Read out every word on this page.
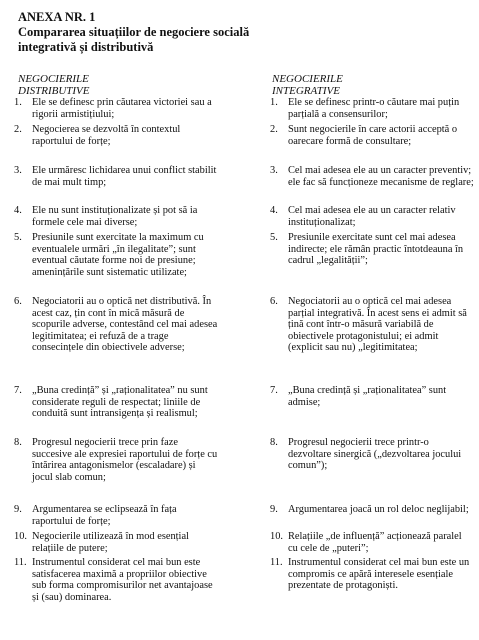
ANEXA NR. 1
Compararea situațiilor de negociere socială
integrativă și distributivă
NEGOCIERILE
DISTRIBUTIVE
NEGOCIERILE
INTEGRATIVE
1. Ele se definesc prin căutarea victoriei sau a rigorii armistițiului;
2. Negocierea se dezvoltă în contextul raportului de forțe;
3. Ele urmăresc lichidarea unui conflict stabilit de mai mult timp;
4. Ele nu sunt instituționalizate și pot să ia formele cele mai diverse;
5. Presiunile sunt exercitate la maximum cu eventualele urmări „în ilegalitate”; sunt eventual căutate forme noi de presiune; amenințările sunt sistematic utilizate;
6. Negociatorii au o optică net distributivă. În acest caz, țin cont în mică măsură de scopurile adverse, contestând cel mai adesea legitimitatea; ei refuză de a trage consecințele din obiectivele adverse;
7. „Buna credință” și „raționalitatea” nu sunt considerate reguli de respectat; liniile de conduită sunt intransigența și realismul;
8. Progresul negocierii trece prin faze succesive ale expresiei raportului de forțe cu întărirea antagonismelor (escaladare) și jocul slab comun;
9. Argumentarea se eclipsează în fața raportului de forțe;
10. Negocierile utilizează în mod esențial relațiile de putere;
11. Instrumentul considerat cel mai bun este satisfacerea maximă a propriilor obiective sub forma compromisurilor net avantajoase și (sau) dominarea.
1. Ele se definesc printr-o căutare mai puțin parțială a consensurilor;
2. Sunt negocierile în care actorii acceptă o oarecare formă de consultare;
3. Cel mai adesea ele au un caracter preventiv; ele fac să funcționeze mecanisme de reglare;
4. Cel mai adesea ele au un caracter relativ instituționalizat;
5. Presiunile exercitate sunt cel mai adesea indirecte; ele rămân practic întotdeauna în cadrul „legalității”;
6. Negociatorii au o optică cel mai adesea parțial integrativă. În acest sens ei admit să țină cont într-o măsură variabilă de obiectivele protagonistului; ei admit (explicit sau nu) „legitimitatea;
7. „Buna credință și „raționalitatea” sunt admise;
8. Progresul negocierii trece printr-o dezvoltare sinergică („dezvoltarea jocului comun”);
9. Argumentarea joacă un rol deloc neglijabil;
10. Relațiile „de influență” acționează paralel cu cele de „puteri”;
11. Instrumentul considerat cel mai bun este un compromis ce apără interesele esențiale prezentate de protagoniști.
